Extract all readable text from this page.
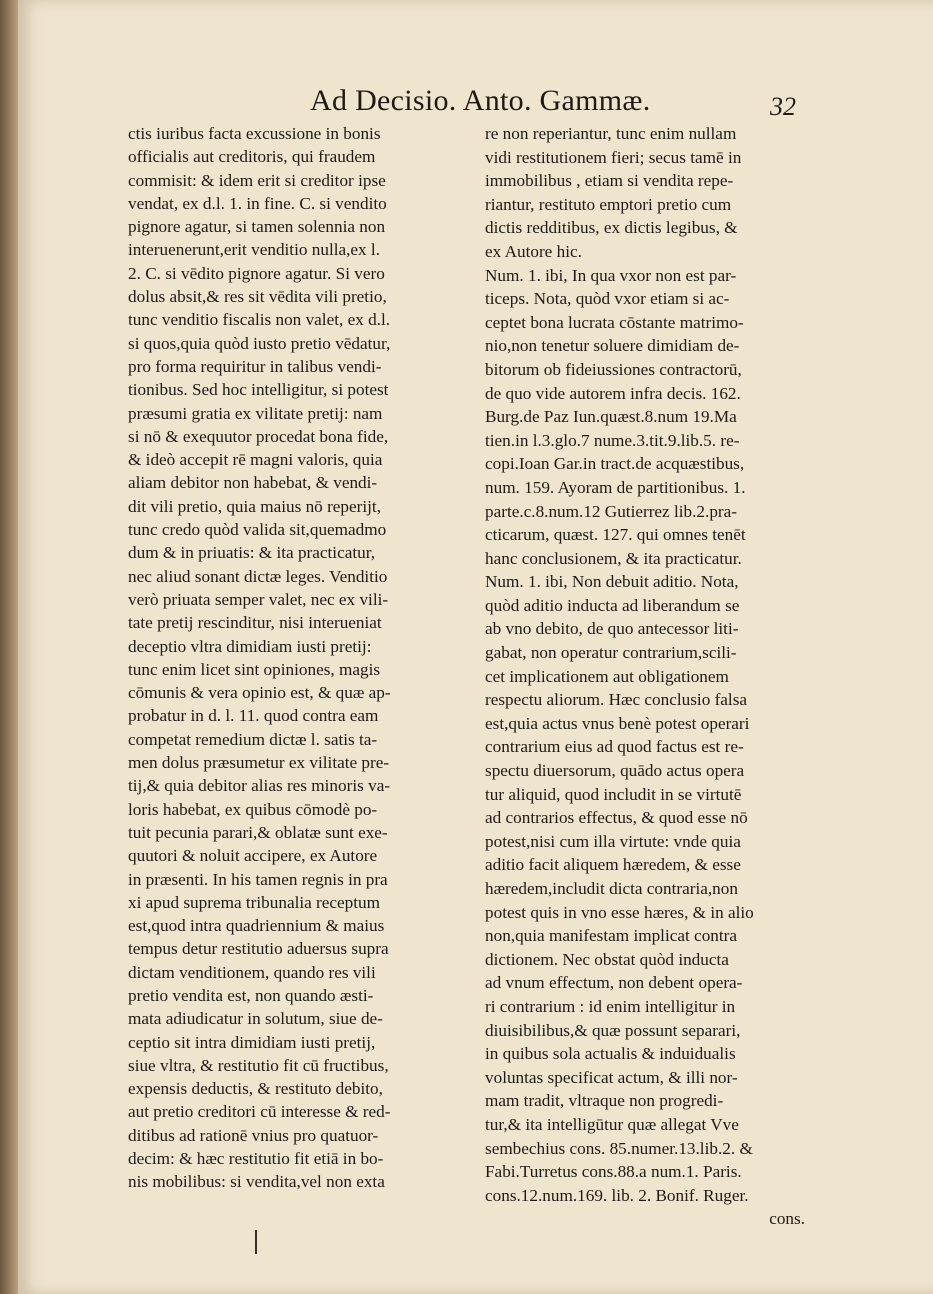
Ad Decisio. Anto. Gammæ.	32
ctis iuribus facta excussione in bonis
officialis aut creditoris, qui fraudem
commisit: & idem erit si creditor ipse
vendat, ex d.l. 1. in fine. C. si vendito
pignore agatur, si tamen solennia non
interuenerunt,erit venditio nulla,ex l.
2. C. si vēdito pignore agatur. Si vero
dolus absit,& res sit vēdita vili pretio,
tunc venditio fiscalis non valet, ex d.l.
si quos,quia quòd iusto pretio vēdatur,
pro forma requiritur in talibus vendi-
tionibus. Sed hoc intelligitur, si potest
præsumi gratia ex vilitate pretij: nam
si nō & exequutor procedat bona fide,
& ideò accepit rē magni valoris, quia
aliam debitor non habebat, & vendi-
dit vili pretio, quia maius nō reperijt,
tunc credo quòd valida sit,quemadmo
dum & in priuatis: & ita practicatur,
nec aliud sonant dictæ leges. Venditio
verò priuata semper valet, nec ex vili-
tate pretij rescinditur, nisi interueniat
deceptio vltra dimidiam iusti pretij:
tunc enim licet sint opiniones, magis
cōmunis & vera opinio est, & quæ ap-
probatur in d. l. 11. quod contra eam
competat remedium dictæ l. satis ta-
men dolus præsumetur ex vilitate pre-
tij,& quia debitor alias res minoris va-
loris habebat, ex quibus cōmodè po-
tuit pecunia parari,& oblatæ sunt exe-
quutori & noluit accipere, ex Autore
in præsenti. In his tamen regnis in pra
xi apud suprema tribunalia receptum
est,quod intra quadriennium & maius
tempus detur restitutio aduersus supra
dictam venditionem, quando res vili
pretio vendita est, non quando æsti-
mata adiudicatur in solutum, siue de-
ceptio sit intra dimidiam iusti pretij,
siue vltra, & restitutio fit cū fructibus,
expensis deductis, & restituto debito,
aut pretio creditori cū interesse & red-
ditibus ad rationē vnius pro quatuor-
decim: & hæc restitutio fit etiā in bo-
nis mobilibus: si vendita,vel non exta
re non reperiantur, tunc enim nullam
vidi restitutionem fieri; secus tamē in
immobilibus , etiam si vendita repe-
riantur, restituto emptori pretio cum
dictis redditibus, ex dictis legibus, &
ex Autore hic.
Num. 1. ibi, In qua vxor non est par-
ticeps. Nota, quòd vxor etiam si ac-
ceptet bona lucrata cōstante matrimo-
nio,non tenetur soluere dimidiam de-
bitorum ob fideiussiones contractorū,
de quo vide autorem infra decis. 162.
Burg.de Paz Iun.quæst.8.num 19.Ma
tien.in l.3.glo.7 nume.3.tit.9.lib.5. re-
copi.Ioan Gar.in tract.de acquæstibus,
num. 159. Ayoram de partitionibus. 1.
parte.c.8.num.12 Gutierrez lib.2.pra-
cticarum, quæst. 127. qui omnes tenēt
hanc conclusionem, & ita practicatur.
Num. 1. ibi, Non debuit aditio. Nota,
quòd aditio inducta ad liberandum se
ab vno debito, de quo antecessor liti-
gabat, non operatur contrarium,scili-
cet implicationem aut obligationem
respectu aliorum. Hæc conclusio falsa
est,quia actus vnus benè potest operari
contrarium eius ad quod factus est re-
spectu diuersorum, quādo actus opera
tur aliquid, quod includit in se virtutē
ad contrarios effectus, & quod esse nō
potest,nisi cum illa virtute: vnde quia
aditio facit aliquem hæredem, & esse
hæredem,includit dicta contraria,non
potest quis in vno esse hæres, & in alio
non,quia manifestam implicat contra
dictionem. Nec obstat quòd inducta
ad vnum effectum, non debent opera-
ri contrarium : id enim intelligitur in
diuisibilibus,& quæ possunt separari,
in quibus sola actualis & induidualis
voluntas specificat actum, & illi nor-
mam tradit, vltraque non progredi-
tur,& ita intelligūtur quæ allegat Vve
sembechius cons. 85.numer.13.lib.2. &
Fabi.Turretus cons.88.a num.1. Paris.
cons.12.num.169. lib. 2. Bonif. Ruger.
cons.
